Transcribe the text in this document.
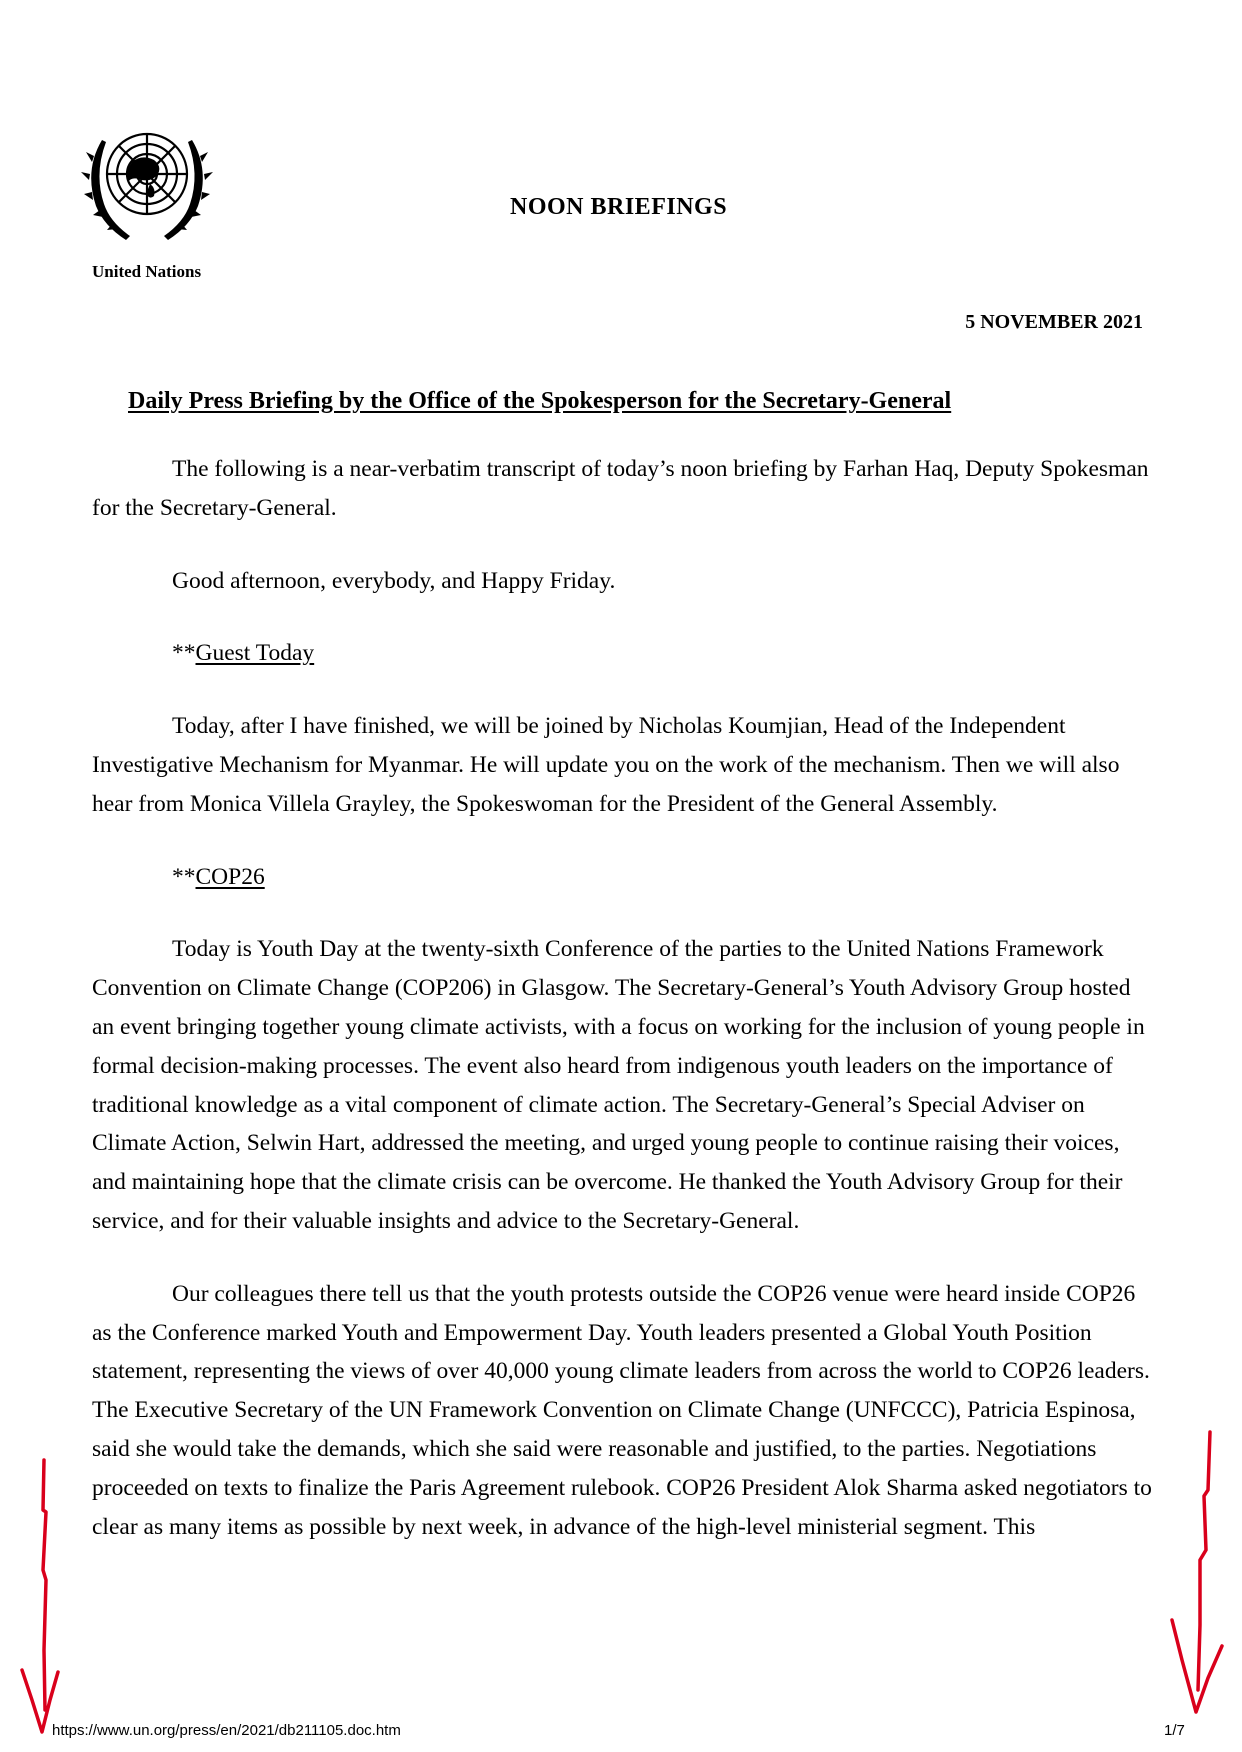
United Nations
NOON BRIEFINGS
5 NOVEMBER 2021
Daily Press Briefing by the Office of the Spokesperson for the Secretary-General

The following is a near-verbatim transcript of today’s noon briefing by Farhan Haq, Deputy Spokesman for the Secretary-General.

Good afternoon, everybody, and Happy Friday.

**Guest Today

Today, after I have finished, we will be joined by Nicholas Koumjian, Head of the Independent Investigative Mechanism for Myanmar. He will update you on the work of the mechanism. Then we will also hear from Monica Villela Grayley, the Spokeswoman for the President of the General Assembly.

**COP26

Today is Youth Day at the twenty-sixth Conference of the parties to the United Nations Framework Convention on Climate Change (COP206) in Glasgow. The Secretary-General’s Youth Advisory Group hosted an event bringing together young climate activists, with a focus on working for the inclusion of young people in formal decision-making processes. The event also heard from indigenous youth leaders on the importance of traditional knowledge as a vital component of climate action. The Secretary-General’s Special Adviser on Climate Action, Selwin Hart, addressed the meeting, and urged young people to continue raising their voices, and maintaining hope that the climate crisis can be overcome. He thanked the Youth Advisory Group for their service, and for their valuable insights and advice to the Secretary-General.

Our colleagues there tell us that the youth protests outside the COP26 venue were heard inside COP26 as the Conference marked Youth and Empowerment Day. Youth leaders presented a Global Youth Position statement, representing the views of over 40,000 young climate leaders from across the world to COP26 leaders. The Executive Secretary of the UN Framework Convention on Climate Change (UNFCCC), Patricia Espinosa, said she would take the demands, which she said were reasonable and justified, to the parties. Negotiations proceeded on texts to finalize the Paris Agreement rulebook. COP26 President Alok Sharma asked negotiators to clear as many items as possible by next week, in advance of the high-level ministerial segment. This

https://www.un.org/press/en/2021/db211105.doc.htm	1/7
